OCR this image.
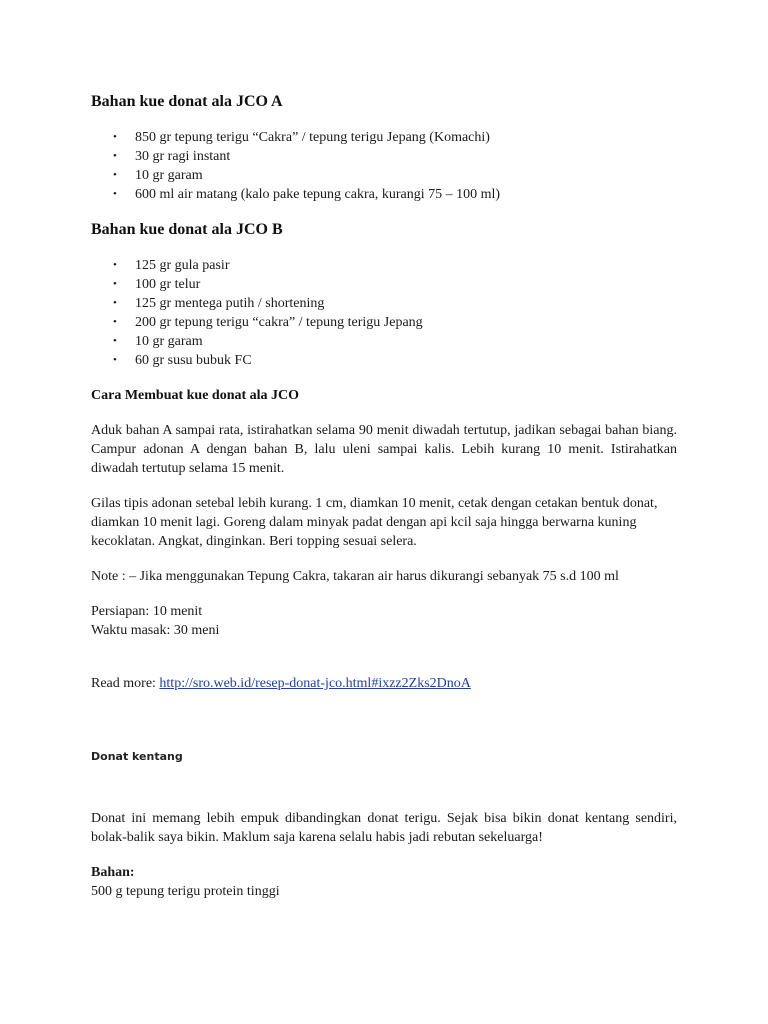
Bahan kue donat ala JCO A
• 850 gr tepung terigu “Cakra” / tepung terigu Jepang (Komachi)
• 30 gr ragi instant
• 10 gr garam
• 600 ml air matang (kalo pake tepung cakra, kurangi 75 – 100 ml)
Bahan kue donat ala JCO B
• 125 gr gula pasir
• 100 gr telur
• 125 gr mentega putih / shortening
• 200 gr tepung terigu “cakra” / tepung terigu Jepang
• 10 gr garam
• 60 gr susu bubuk FC
Cara Membuat kue donat ala JCO

Aduk bahan A sampai rata, istirahatkan selama 90 menit diwadah tertutup, jadikan sebagai bahan biang. Campur adonan A dengan bahan B, lalu uleni sampai kalis. Lebih kurang 10 menit. Istirahatkan diwadah tertutup selama 15 menit.

Gilas tipis adonan setebal lebih kurang. 1 cm, diamkan 10 menit, cetak dengan cetakan bentuk donat, diamkan 10 menit lagi. Goreng dalam minyak padat dengan api kcil saja hingga berwarna kuning kecoklatan. Angkat, dinginkan. Beri topping sesuai selera.

Note : – Jika menggunakan Tepung Cakra, takaran air harus dikurangi sebanyak 75 s.d 100 ml

Persiapan: 10 menit

Waktu masak: 30 meni

Read more: http://sro.web.id/resep-donat-jco.html#ixzz2Zks2DnoA

Donat kentang

Donat ini memang lebih empuk dibandingkan donat terigu. Sejak bisa bikin donat kentang sendiri, bolak-balik saya bikin. Maklum saja karena selalu habis jadi rebutan sekeluarga!

Bahan:

500 g tepung terigu protein tinggi
